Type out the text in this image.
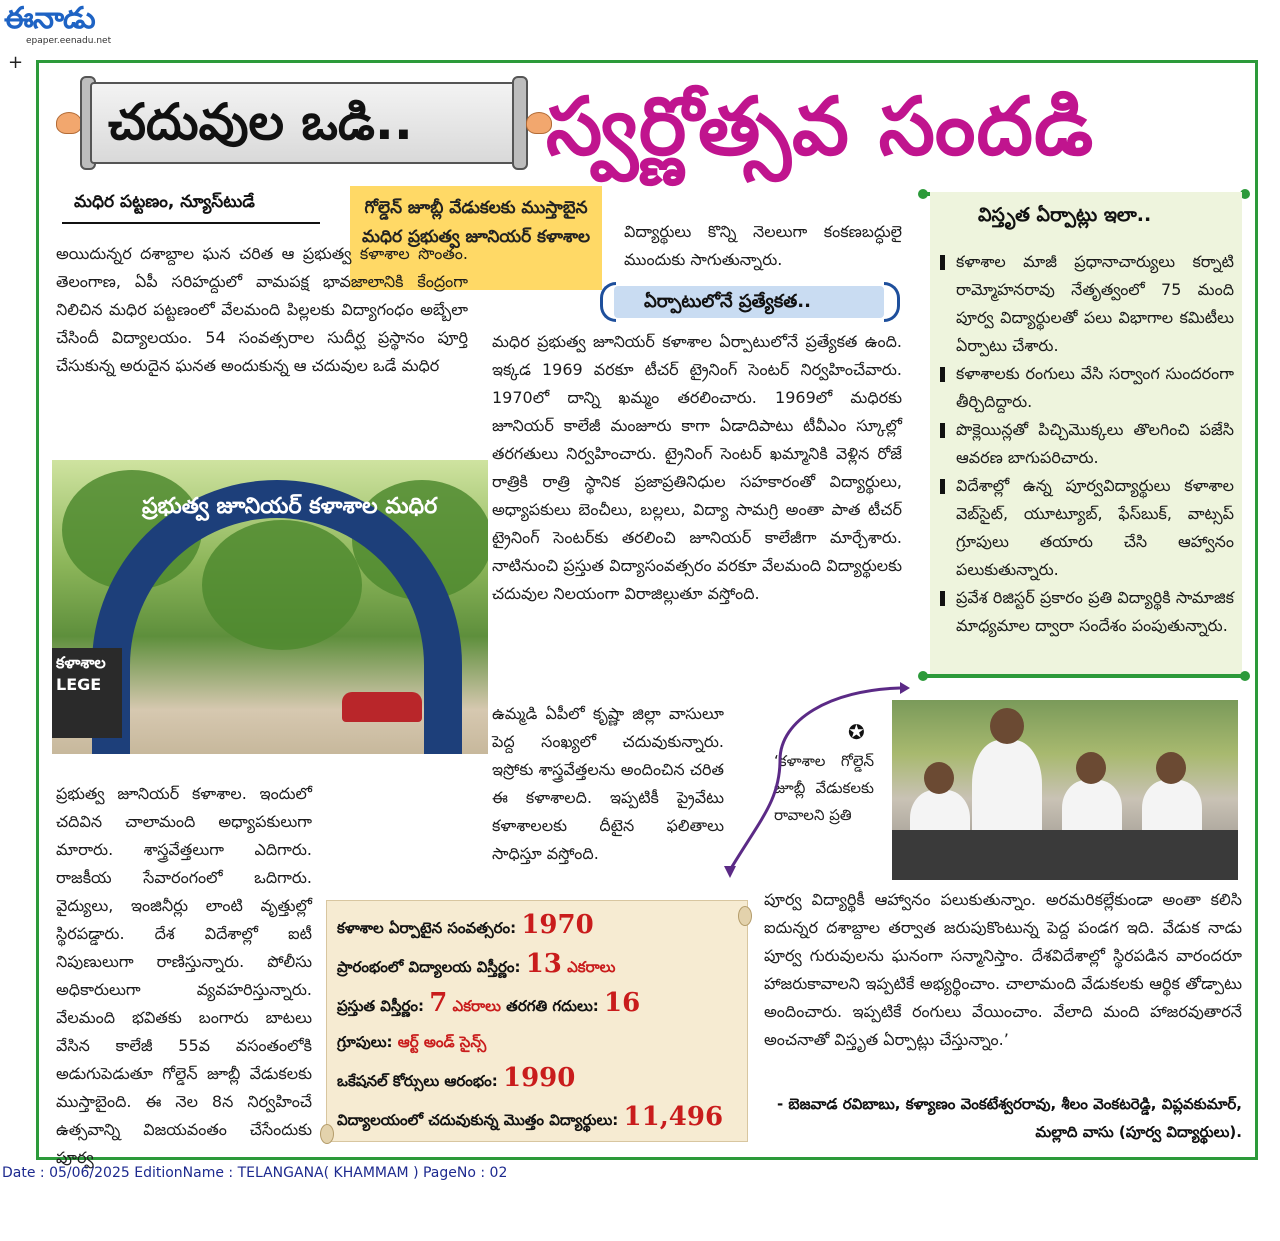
ఈనాడు
epaper.eenadu.net
+
చదువుల ఒడి.. స్వర్ణోత్సవ సందడి
మధిర పట్టణం, న్యూస్‌టుడే	గోల్డెన్ జూబ్లీ వేడుకలకు ముస్తాబైన మధిర ప్రభుత్వ జూనియర్ కళాశాల
ఏర్పాటులోనే ప్రత్యేకత..
అయిదున్నర దశాబ్దాల ఘన చరిత ఆ ప్రభుత్వ కళాశాల సొంతం. తెలంగాణ, ఏపీ సరిహద్దులో వామపక్ష భావజాలానికి కేంద్రంగా నిలిచిన మధిర పట్టణంలో వేలమంది పిల్లలకు విద్యాగంధం అబ్బేలా చేసిందీ విద్యాలయం. 54 సంవత్సరాల సుదీర్ఘ ప్రస్థానం పూర్తి చేసుకున్న అరుదైన ఘనత అందుకున్న ఆ చదువుల ఒడే మధిర
ప్రభుత్వ జూనియర్ కళాశాల. ఇందులో చదివిన చాలామంది అధ్యాపకులుగా మారారు. శాస్త్రవేత్తలుగా ఎదిగారు. రాజకీయ సేవారంగంలో ఒదిగారు. వైద్యులు, ఇంజినీర్లు లాంటి వృత్తుల్లో స్థిరపడ్డారు. దేశ విదేశాల్లో ఐటీ నిపుణులుగా రాణిస్తున్నారు. పోలీసు అధికారులుగా వ్యవహరిస్తున్నారు. వేలమంది భవితకు బంగారు బాటలు వేసిన కాలేజీ 55వ వసంతంలోకి అడుగుపెడుతూ గోల్డెన్ జూబ్లీ వేడుకలకు ముస్తాబైంది. ఈ నెల 8న నిర్వహించే ఉత్సవాన్ని విజయవంతం చేసేందుకు పూర్వ
విద్యార్థులు కొన్ని నెలలుగా కంకణబద్ధులై ముందుకు సాగుతున్నారు.
మధిర ప్రభుత్వ జూనియర్ కళాశాల ఏర్పాటులోనే ప్రత్యేకత ఉంది. ఇక్కడ 1969 వరకూ టీచర్ ట్రైనింగ్ సెంటర్ నిర్వహించేవారు. 1970లో దాన్ని ఖమ్మం తరలించారు. 1969లో మధిరకు జూనియర్ కాలేజీ మంజూరు కాగా ఏడాదిపాటు టీవీఎం స్కూల్లో తరగతులు నిర్వహించారు. ట్రైనింగ్ సెంటర్ ఖమ్మానికి వెళ్లిన రోజే రాత్రికి రాత్రి స్థానిక ప్రజాప్రతినిధుల సహకారంతో విద్యార్థులు, అధ్యాపకులు బెంచీలు, బల్లలు, విద్యా సామగ్రి అంతా పాత టీచర్ ట్రైనింగ్ సెంటర్‌కు తరలించి జూనియర్ కాలేజీగా మార్చేశారు. నాటినుంచి ప్రస్తుత విద్యాసంవత్సరం వరకూ వేలమంది విద్యార్థులకు చదువుల నిలయంగా విరాజిల్లుతూ వస్తోంది.
ఉమ్మడి ఏపీలో కృష్ణా జిల్లా వాసులూ పెద్ద సంఖ్యలో చదువుకున్నారు. ఇస్రోకు శాస్త్రవేత్తలను అందించిన చరిత ఈ కళాశాలది. ఇప్పటికీ ప్రైవేటు కళాశాలలకు దీటైన ఫలితాలు సాధిస్తూ వస్తోంది.
‘కళాశాల గోల్డెన్ జూబ్లీ వేడుకలకు రావాలని ప్రతి
పూర్వ విద్యార్థికీ ఆహ్వానం పలుకుతున్నాం. అరమరికల్లేకుండా అంతా కలిసి ఐదున్నర దశాబ్దాల తర్వాత జరుపుకొంటున్న పెద్ద పండగ ఇది. వేడుక నాడు పూర్వ గురువులను ఘనంగా సన్మానిస్తాం. దేశవిదేశాల్లో స్థిరపడిన వారందరూ హాజరుకావాలని ఇప్పటికే అభ్యర్థించాం. చాలామంది వేడుకలకు ఆర్థిక తోడ్పాటు అందించారు. ఇప్పటికే రంగులు వేయించాం. వేలాది మంది హాజరవుతారనే అంచనాతో విస్తృత ఏర్పాట్లు చేస్తున్నాం.’
- బెజవాడ రవిబాబు, కళ్యాణం వెంకటేశ్వరరావు, శీలం వెంకటరెడ్డి, విప్లవకుమార్, మల్లాది వాసు (పూర్వ విద్యార్థులు).
ప్రభుత్వ జూనియర్ కళాశాల మధిర
కళాశాల LEGE
విస్తృత ఏర్పాట్లు ఇలా..
కళాశాల మాజీ ప్రధానాచార్యులు కర్నాటి రామ్మోహనరావు నేతృత్వంలో 75 మంది పూర్వ విద్యార్థులతో పలు విభాగాల కమిటీలు ఏర్పాటు చేశారు.
కళాశాలకు రంగులు వేసి సర్వాంగ సుందరంగా తీర్చిదిద్దారు.
పొక్లెయిన్లతో పిచ్చిమొక్కలు తొలగించి పజేసి ఆవరణ బాగుపరిచారు.
విదేశాల్లో ఉన్న పూర్వవిద్యార్థులు కళాశాల వెబ్‌సైట్, యూట్యూబ్, ఫేస్‌బుక్, వాట్సప్ గ్రూపులు తయారు చేసి ఆహ్వానం పలుకుతున్నారు.
ప్రవేశ రిజిస్టర్ ప్రకారం ప్రతి విద్యార్థికి సామాజిక మాధ్యమాల ద్వారా సందేశం పంపుతున్నారు.
✪
కళాశాల ఏర్పాటైన సంవత్సరం: 1970
ప్రారంభంలో విద్యాలయ విస్తీర్ణం: 13 ఎకరాలు
ప్రస్తుత విస్తీర్ణం: 7 ఎకరాలు తరగతి గదులు: 16
గ్రూపులు: ఆర్ట్ అండ్ సైన్స్
ఒకేషనల్ కోర్సులు ఆరంభం: 1990
విద్యాలయంలో చదువుకున్న మొత్తం విద్యార్థులు: 11,496
Date : 05/06/2025 EditionName : TELANGANA( KHAMMAM ) PageNo : 02
